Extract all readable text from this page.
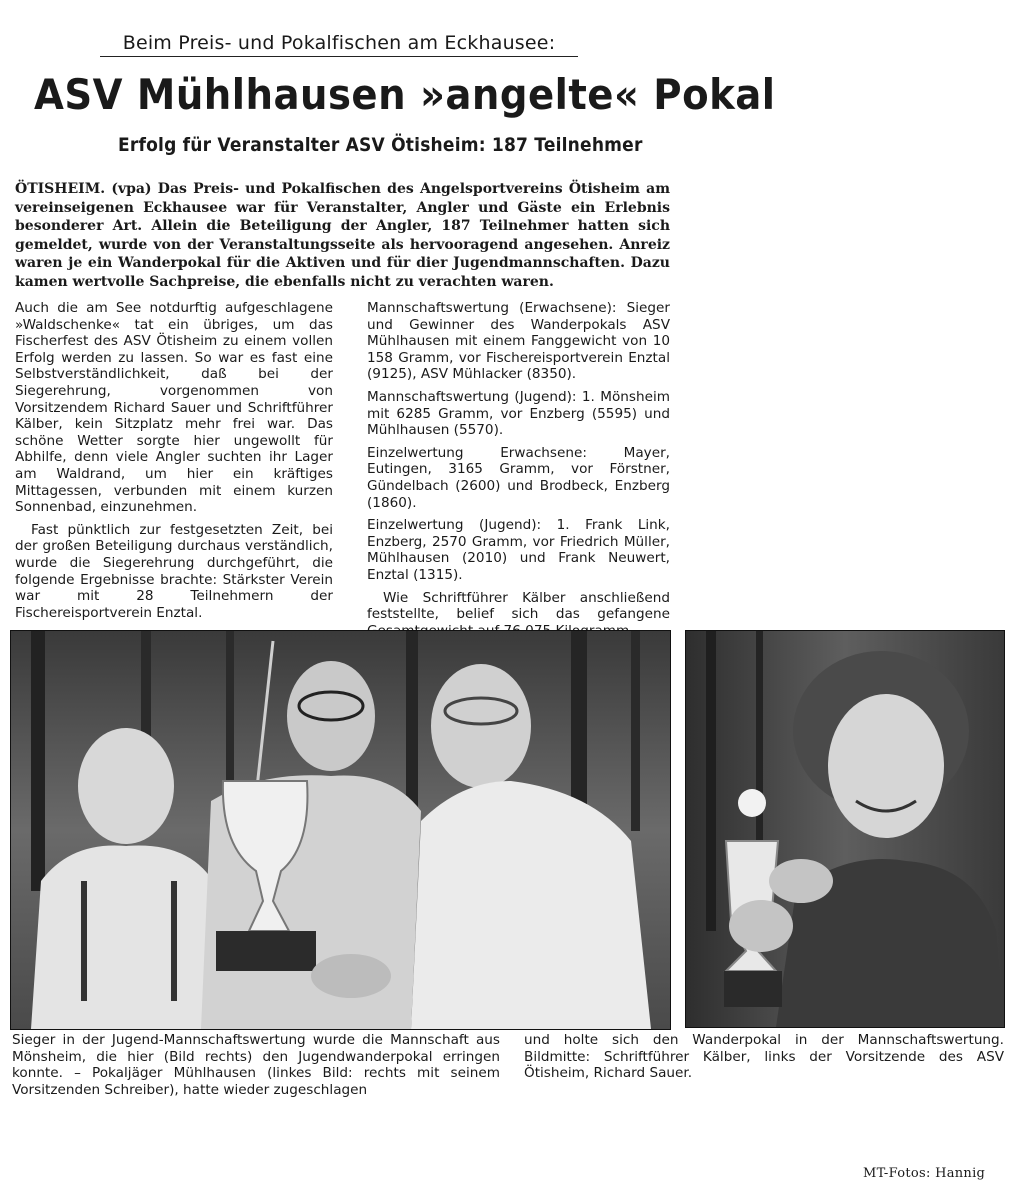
Beim Preis- und Pokalfischen am Eckhausee:
ASV Mühlhausen »angelte« Pokal
Erfolg für Veranstalter ASV Ötisheim: 187 Teilnehmer
ÖTISHEIM. (vpa) Das Preis- und Pokalfischen des Angelsportvereins Ötisheim am vereinseigenen Eckhausee war für Veranstalter, Angler und Gäste ein Erlebnis besonderer Art. Allein die Beteiligung der Angler, 187 Teilnehmer hatten sich gemeldet, wurde von der Veranstaltungsseite als hervooragend angesehen. Anreiz waren je ein Wanderpokal für die Aktiven und für dier Jugendmannschaften. Dazu kamen wertvolle Sachpreise, die ebenfalls nicht zu verachten waren.

Auch die am See notdurftig aufgeschlagene »Waldschenke« tat ein übriges, um das Fischerfest des ASV Ötisheim zu einem vollen Erfolg werden zu lassen. So war es fast eine Selbstverständlichkeit, daß bei der Siegerehrung, vorgenommen von Vorsitzendem Richard Sauer und Schriftführer Kälber, kein Sitzplatz mehr frei war. Das schöne Wetter sorgte hier ungewollt für Abhilfe, denn viele Angler suchten ihr Lager am Waldrand, um hier ein kräftiges Mittagessen, verbunden mit einem kurzen Sonnenbad, einzunehmen.

Fast pünktlich zur festgesetzten Zeit, bei der großen Beteiligung durchaus verständlich, wurde die Siegerehrung durchgeführt, die folgende Ergebnisse brachte: Stärkster Verein war mit 28 Teilnehmern der Fischereisportverein Enztal.

Mannschaftswertung (Erwachsene): Sieger und Gewinner des Wanderpokals ASV Mühlhausen mit einem Fanggewicht von 10 158 Gramm, vor Fischereisportverein Enztal (9125), ASV Mühlacker (8350).

Mannschaftswertung (Jugend): 1. Mönsheim mit 6285 Gramm, vor Enzberg (5595) und Mühlhausen (5570).

Einzelwertung Erwachsene: Mayer, Eutingen, 3165 Gramm, vor Förstner, Gündelbach (2600) und Brodbeck, Enzberg (1860).

Einzelwertung (Jugend): 1. Frank Link, Enzberg, 2570 Gramm, vor Friedrich Müller, Mühlhausen (2010) und Frank Neuwert, Enztal (1315).

Wie Schriftführer Kälber anschließend feststellte, belief sich das gefangene

Sieger in der Jugend-Mannschaftswertung wurde die Mannschaft aus Mönsheim, die hier (Bild rechts) den Jugendwanderpokal erringen konnte. – Pokaljäger Mühlhausen (linkes Bild: rechts mit seinem Vorsitzenden Schreiber), hatte wieder zugeschlagen
und holte sich den Wanderpokal in der Mannschaftswertung. Bildmitte: Schriftführer Kälber, links der Vorsitzende des ASV Ötisheim, Richard Sauer.
MT-Fotos: Hannig
